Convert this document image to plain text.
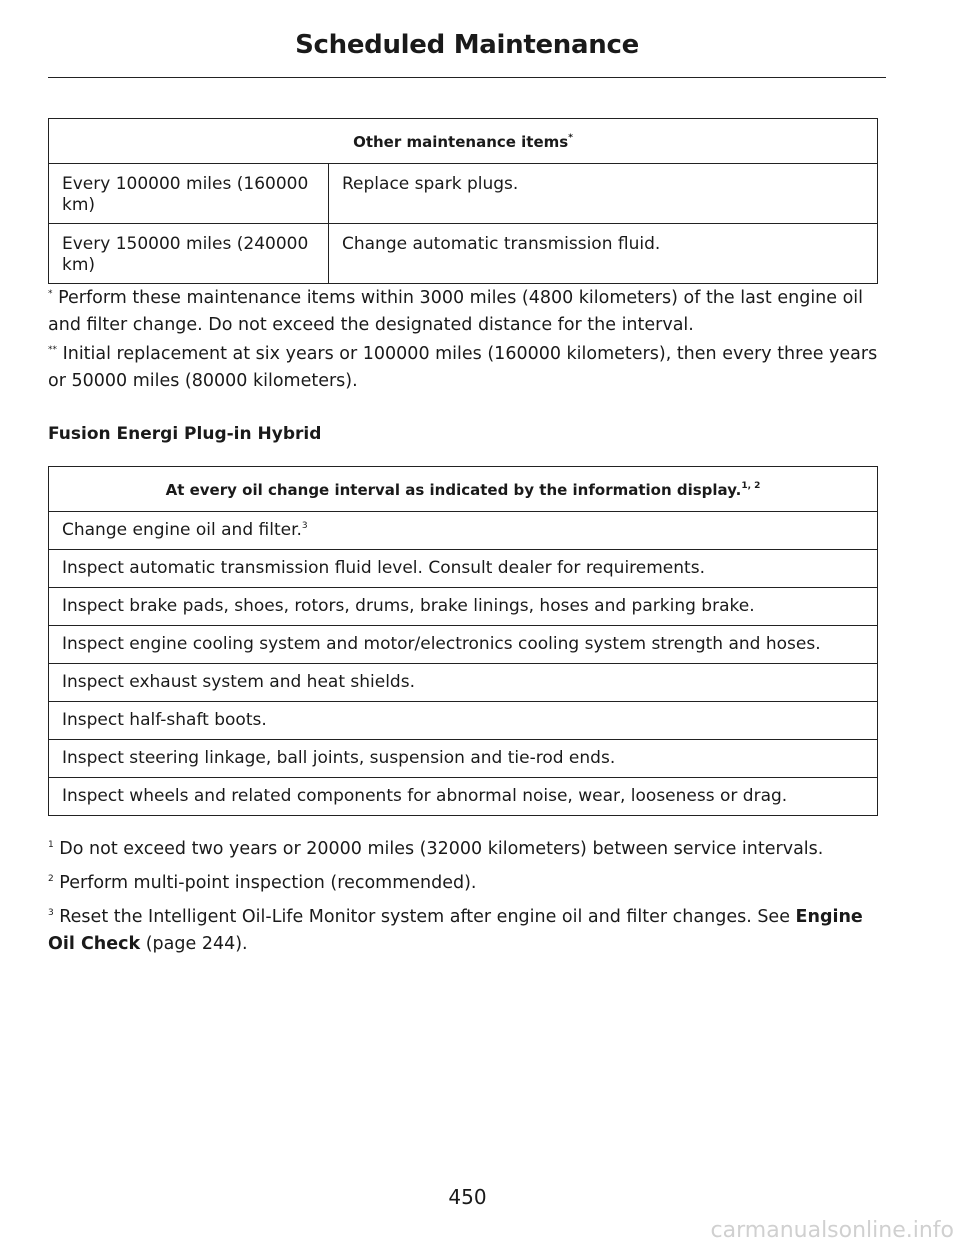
Scheduled Maintenance
Other maintenance items*
Every 100000 miles (160000 km)	Replace spark plugs.
Every 150000 miles (240000 km)	Change automatic transmission fluid.

* Perform these maintenance items within 3000 miles (4800 kilometers) of the last engine oil and filter change. Do not exceed the designated distance for the interval.

** Initial replacement at six years or 100000 miles (160000 kilometers), then every three years or 50000 miles (80000 kilometers).

Fusion Energi Plug-in Hybrid
At every oil change interval as indicated by the information display.$^{1, 2}$
Change engine oil and filter.$^3$
Inspect automatic transmission fluid level. Consult dealer for requirements.
Inspect brake pads, shoes, rotors, drums, brake linings, hoses and parking brake.
Inspect engine cooling system and motor/electronics cooling system strength and hoses.
Inspect exhaust system and heat shields.
Inspect half-shaft boots.
Inspect steering linkage, ball joints, suspension and tie-rod ends.
Inspect wheels and related components for abnormal noise, wear, looseness or drag.

$^1$ Do not exceed two years or 20000 miles (32000 kilometers) between service intervals.

$^2$ Perform multi-point inspection (recommended).

$^3$ Reset the Intelligent Oil-Life Monitor system after engine oil and filter changes. See Engine Oil Check (page 244).

450
carmanualsonline.info
